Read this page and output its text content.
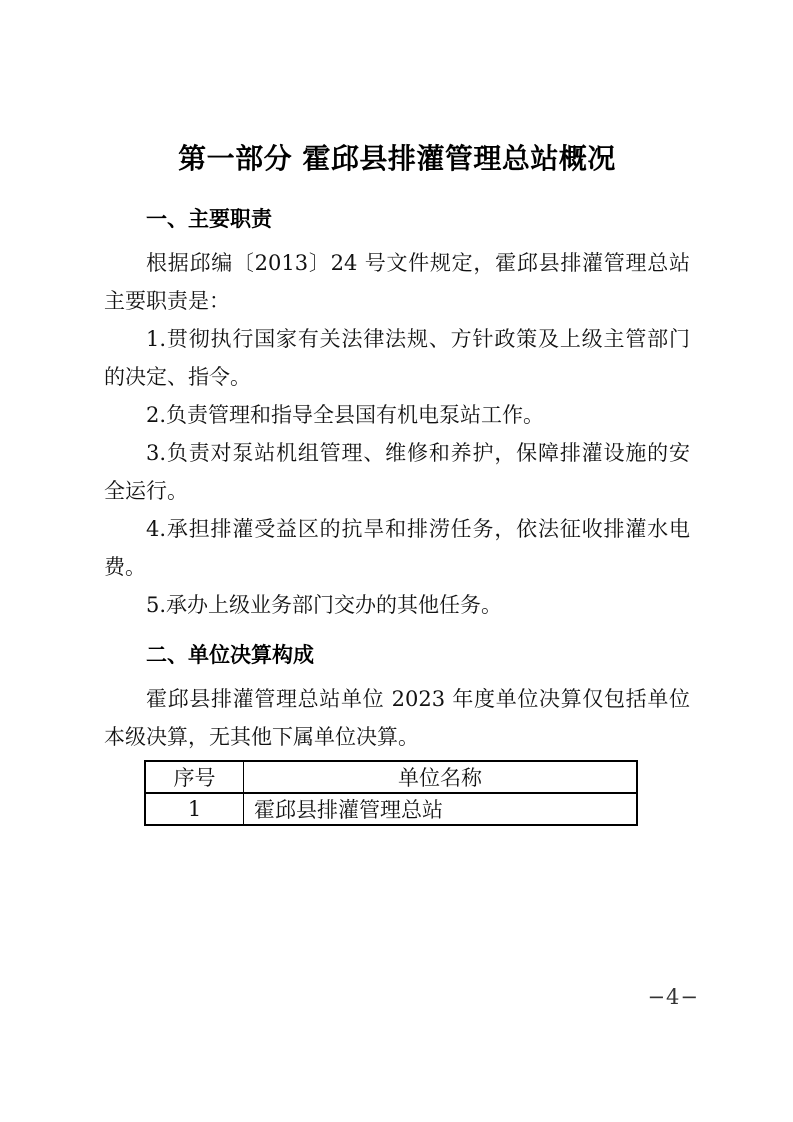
第一部分 霍邱县排灌管理总站概况
一、主要职责

根据邱编〔2013〕24 号文件规定，霍邱县排灌管理总站主要职责是：

1.贯彻执行国家有关法律法规、方针政策及上级主管部门的决定、指令。

2.负责管理和指导全县国有机电泵站工作。

3.负责对泵站机组管理、维修和养护，保障排灌设施的安全运行。

4.承担排灌受益区的抗旱和排涝任务，依法征收排灌水电费。

5.承办上级业务部门交办的其他任务。

二、单位决算构成

霍邱县排灌管理总站单位 2023 年度单位决算仅包括单位本级决算，无其他下属单位决算。

序号	单位名称
1	霍邱县排灌管理总站
−4−
